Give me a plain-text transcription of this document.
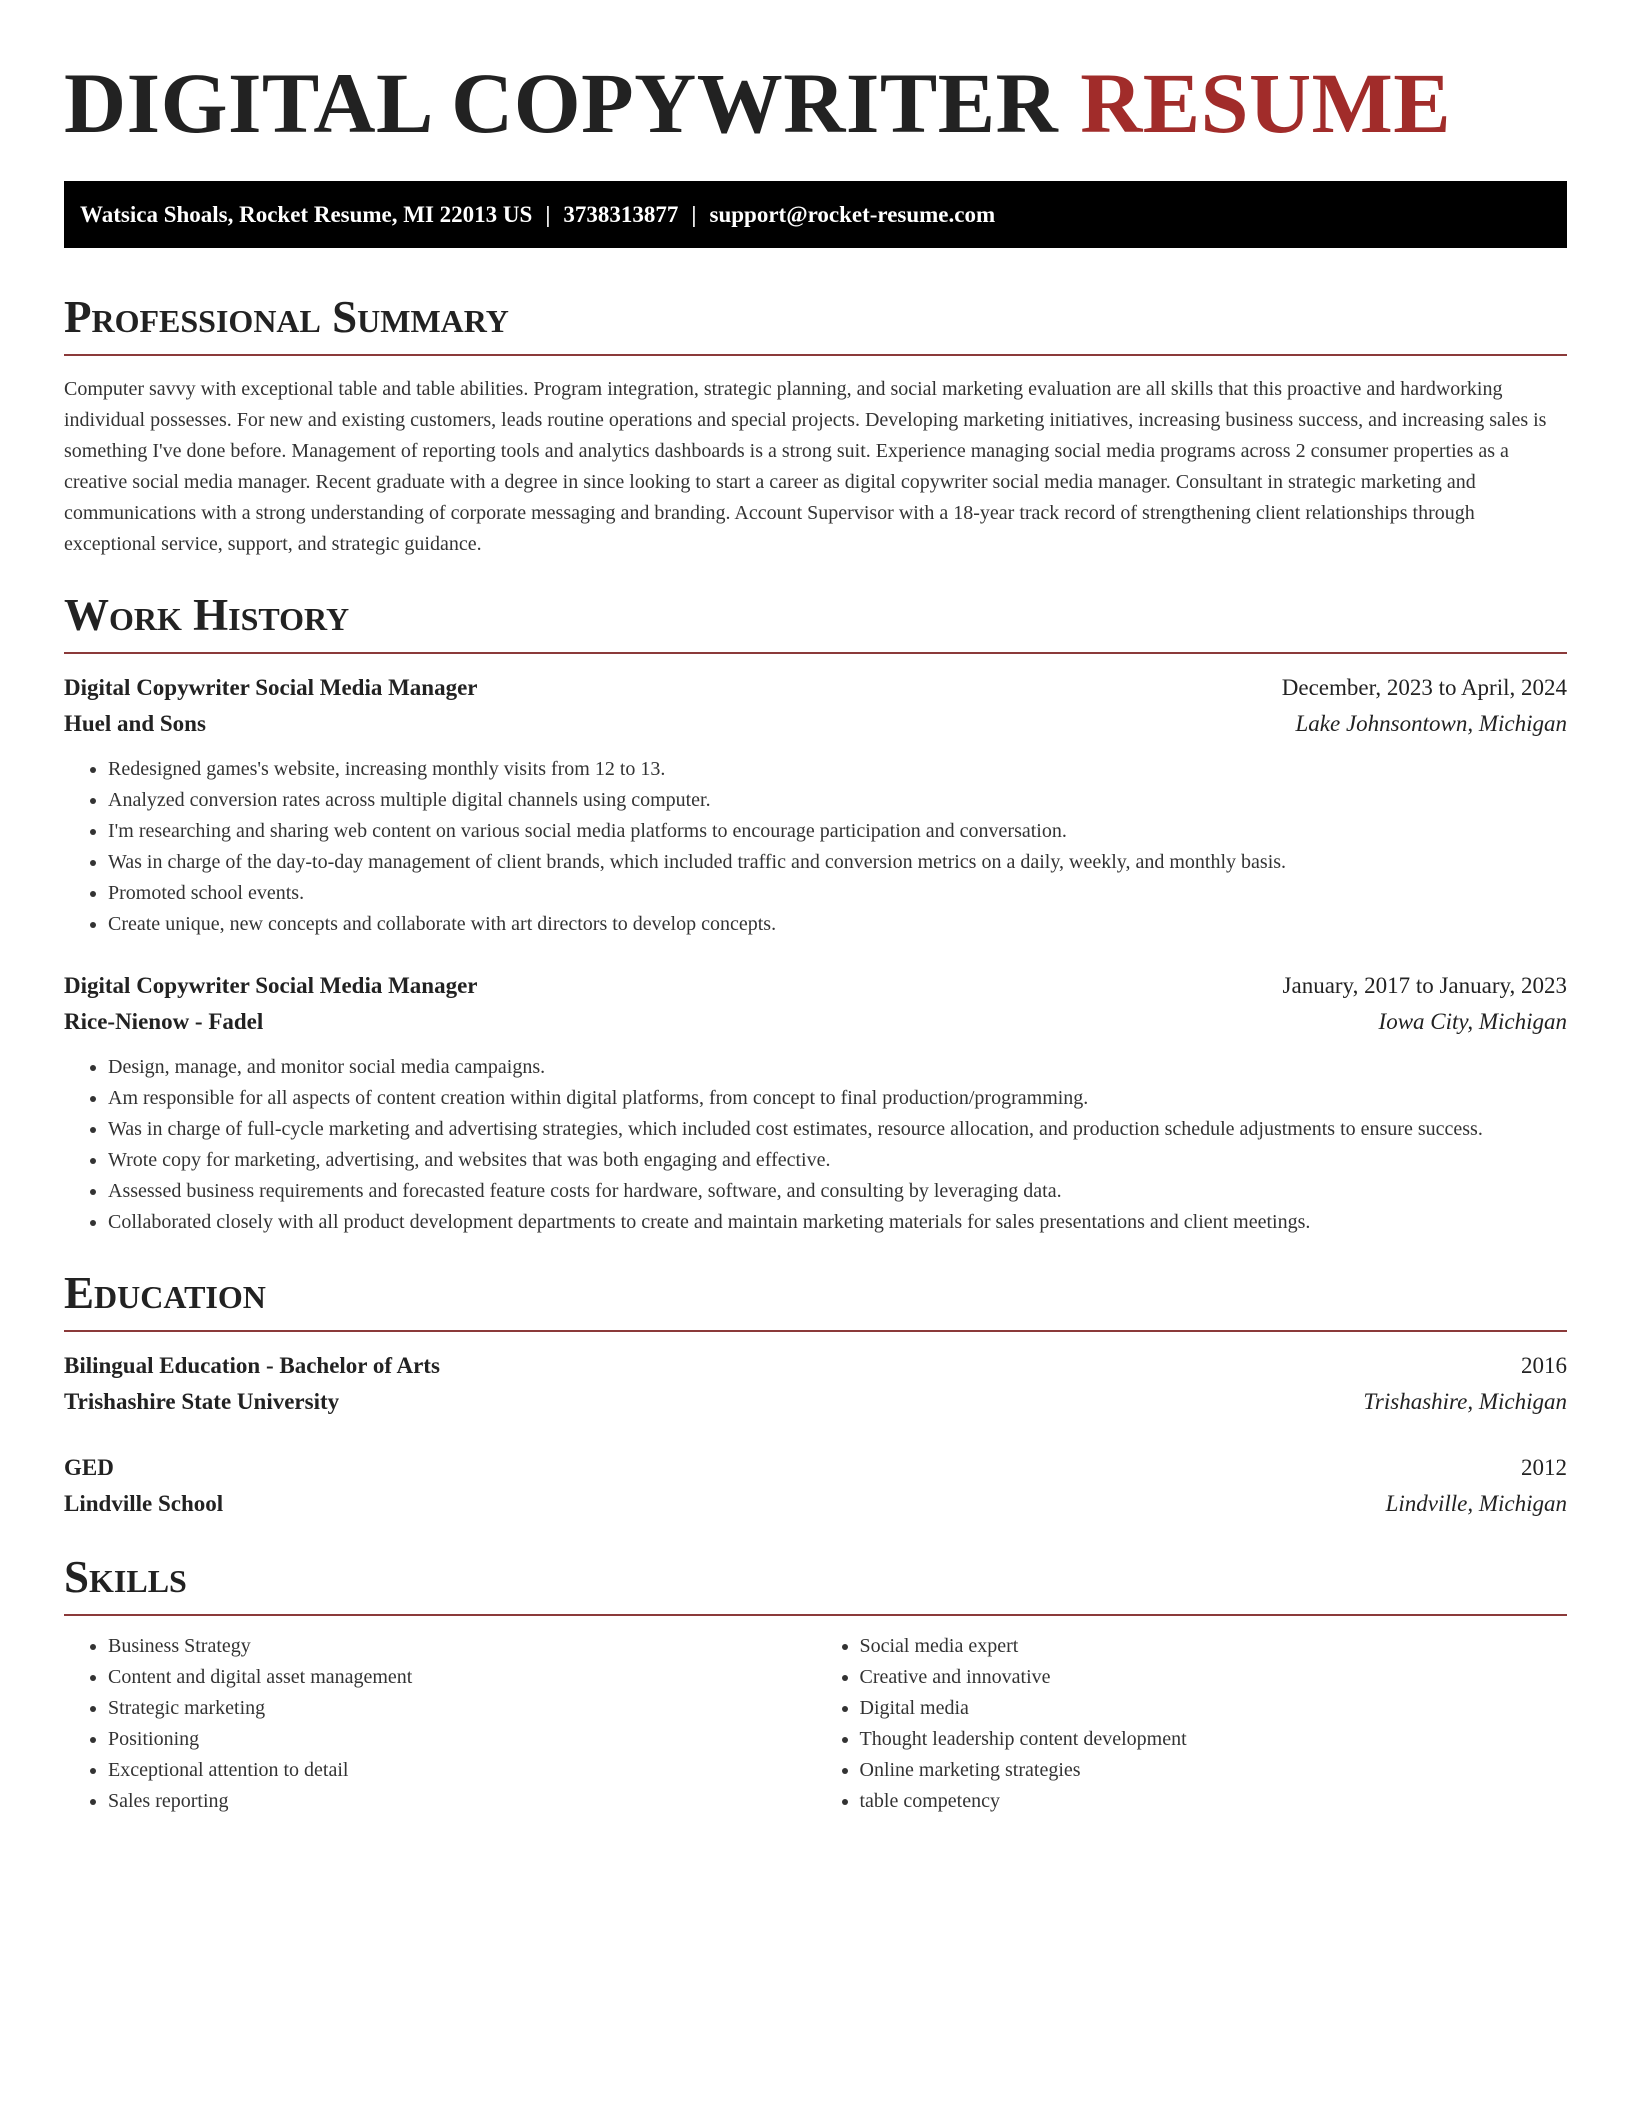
DIGITAL COPYWRITER RESUME
Watsica Shoals, Rocket Resume, MI 22013 US | 3738313877 | support@rocket-resume.com
Professional Summary

Computer savvy with exceptional table and table abilities. Program integration, strategic planning, and social marketing evaluation are all skills that this proactive and hardworking individual possesses. For new and existing customers, leads routine operations and special projects. Developing marketing initiatives, increasing business success, and increasing sales is something I've done before. Management of reporting tools and analytics dashboards is a strong suit. Experience managing social media programs across 2 consumer properties as a creative social media manager. Recent graduate with a degree in since looking to start a career as digital copywriter social media manager. Consultant in strategic marketing and communications with a strong understanding of corporate messaging and branding. Account Supervisor with a 18-year track record of strengthening client relationships through exceptional service, support, and strategic guidance.

Work History
Digital Copywriter Social Media Manager	December, 2023 to April, 2024
Huel and Sons	Lake Johnsontown, Michigan
• Redesigned games's website, increasing monthly visits from 12 to 13.
• Analyzed conversion rates across multiple digital channels using computer.
• I'm researching and sharing web content on various social media platforms to encourage participation and conversation.
• Was in charge of the day-to-day management of client brands, which included traffic and conversion metrics on a daily, weekly, and monthly basis.
• Promoted school events.
• Create unique, new concepts and collaborate with art directors to develop concepts.
Digital Copywriter Social Media Manager	January, 2017 to January, 2023
Rice-Nienow - Fadel	Iowa City, Michigan
• Design, manage, and monitor social media campaigns.
• Am responsible for all aspects of content creation within digital platforms, from concept to final production/programming.
• Was in charge of full-cycle marketing and advertising strategies, which included cost estimates, resource allocation, and production schedule adjustments to ensure success.
• Wrote copy for marketing, advertising, and websites that was both engaging and effective.
• Assessed business requirements and forecasted feature costs for hardware, software, and consulting by leveraging data.
• Collaborated closely with all product development departments to create and maintain marketing materials for sales presentations and client meetings.
Education
Bilingual Education - Bachelor of Arts	2016
Trishashire State University	Trishashire, Michigan
GED	2012
Lindville School	Lindville, Michigan
Skills
• Business Strategy
• Content and digital asset management
• Strategic marketing
• Positioning
• Exceptional attention to detail
• Sales reporting
• Social media expert
• Creative and innovative
• Digital media
• Thought leadership content development
• Online marketing strategies
• table competency
